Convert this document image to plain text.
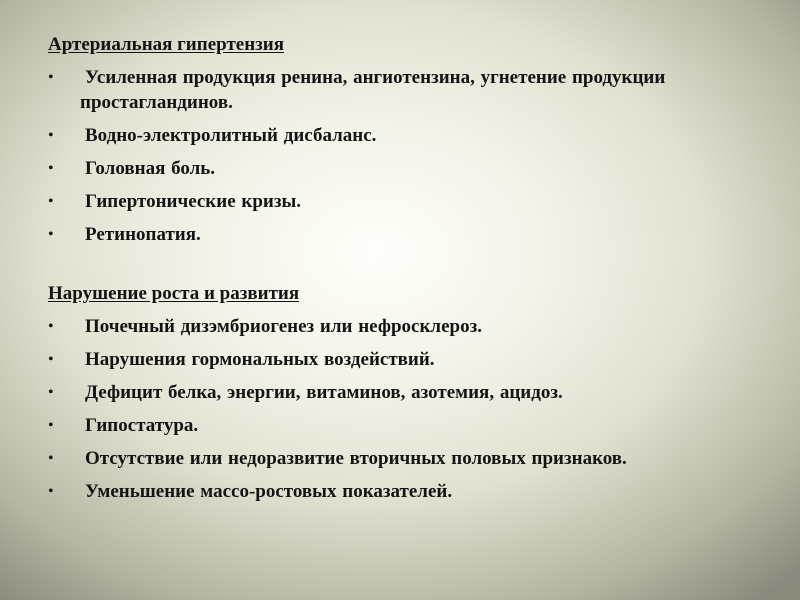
Артериальная гипертензия
• Усиленная продукция ренина, ангиотензина, угнетение продукции простагландинов.
• Водно-электролитный дисбаланс.
• Головная боль.
• Гипертонические кризы.
• Ретинопатия.
Нарушение роста и развития
• Почечный дизэмбриогенез или нефросклероз.
• Нарушения гормональных воздействий.
• Дефицит белка, энергии, витаминов, азотемия, ацидоз.
• Гипостатура.
• Отсутствие или недоразвитие вторичных половых признаков.
• Уменьшение массо-ростовых показателей.
